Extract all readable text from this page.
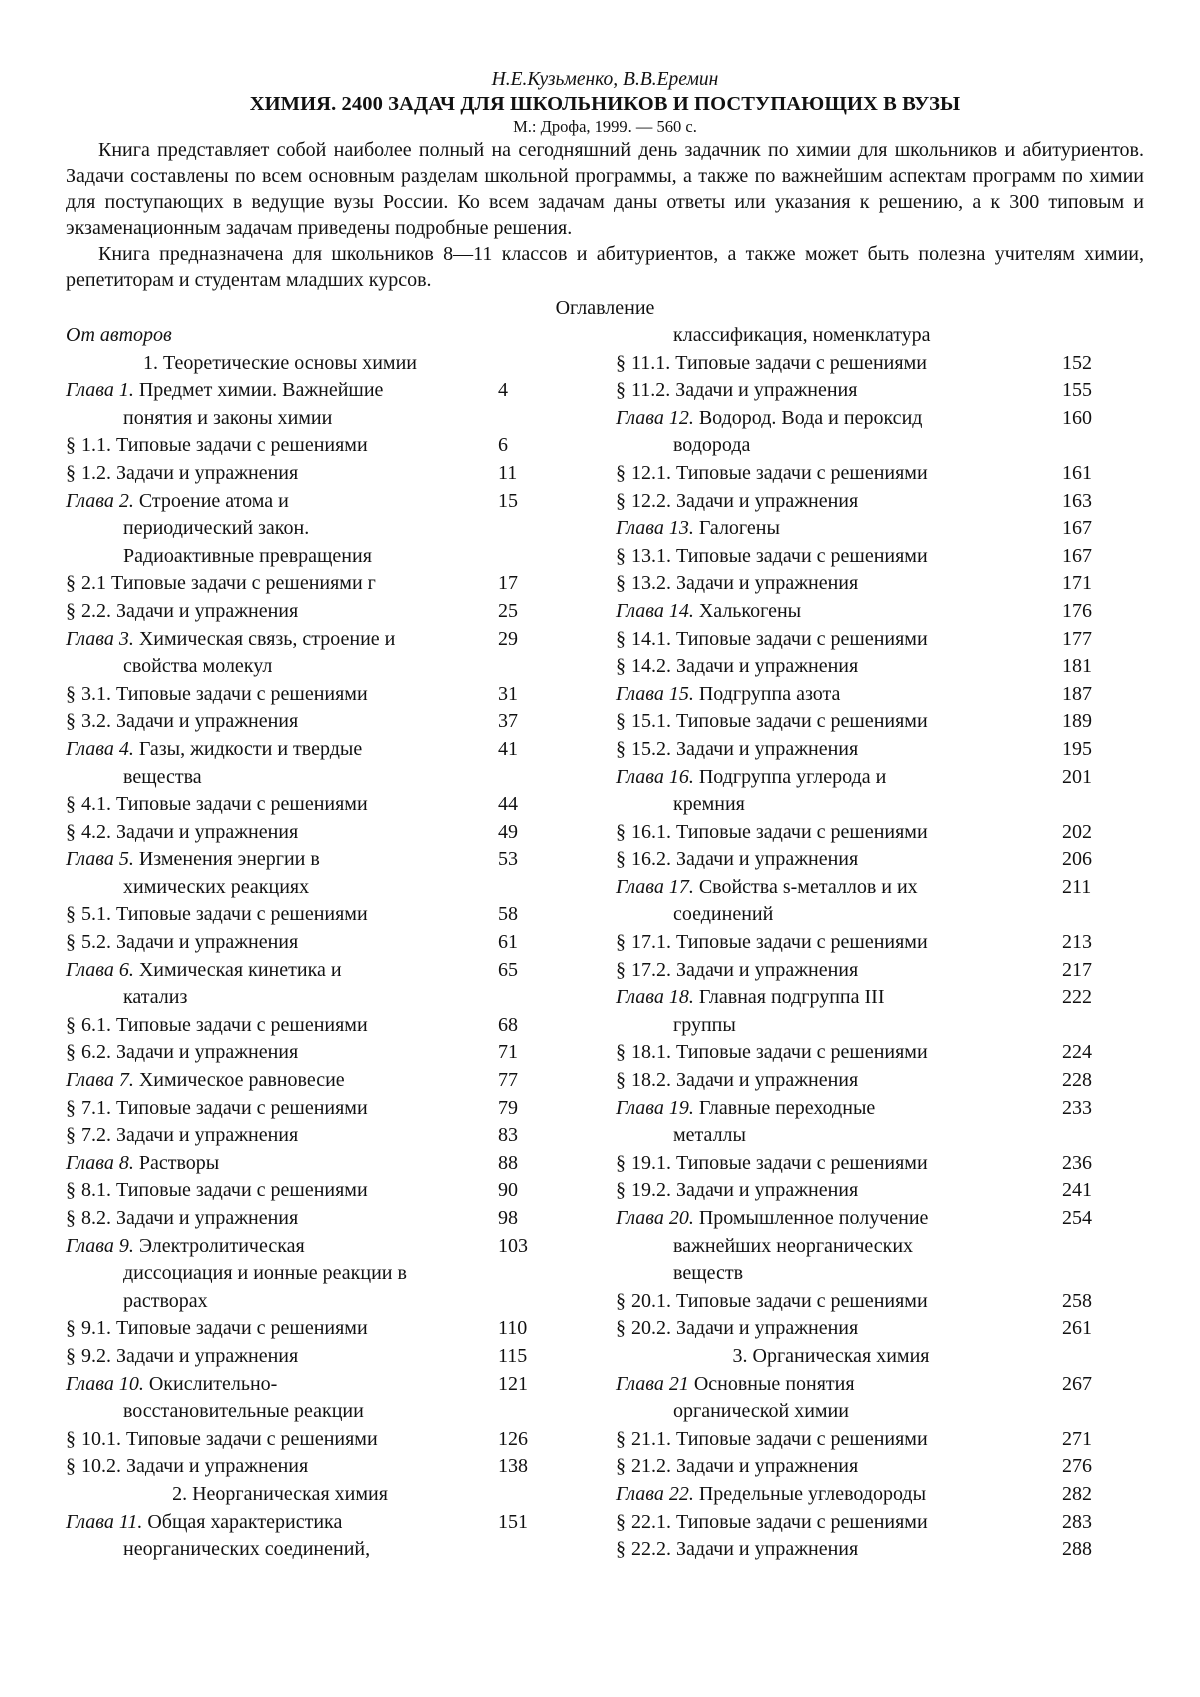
Н.Е.Кузьменко, В.В.Еремин
ХИМИЯ. 2400 ЗАДАЧ ДЛЯ ШКОЛЬНИКОВ И ПОСТУПАЮЩИХ В ВУЗЫ
М.: Дрофа, 1999. — 560 с.

Книга представляет собой наиболее полный на сегодняшний день задачник по химии для школьников и абитуриентов. Задачи составлены по всем основным разделам школьной программы, а также по важнейшим аспектам программ по химии для поступающих в ведущие вузы России. Ко всем задачам даны ответы или указания к решению, а к 300 типовым и экзаменационным задачам приведены подробные решения.

Книга предназначена для школьников 8—11 классов и абитуриентов, а также может быть полезна учителям химии, репетиторам и студентам младших курсов.

Оглавление
От авторов
1. Теоретические основы химии
Глава 1. Предмет химии. Важнейшие	4
понятия и законы химии
§ 1.1. Типовые задачи с решениями	6
§ 1.2. Задачи и упражнения	11
Глава 2. Строение атома и	15
периодический закон.
Радиоактивные превращения
§ 2.1 Типовые задачи с решениями г	17
§ 2.2. Задачи и упражнения	25
Глава 3. Химическая связь, строение и	29
свойства молекул
§ 3.1. Типовые задачи с решениями	31
§ 3.2. Задачи и упражнения	37
Глава 4. Газы, жидкости и твердые	41
вещества
§ 4.1. Типовые задачи с решениями	44
§ 4.2. Задачи и упражнения	49
Глава 5. Изменения энергии в	53
химических реакциях
§ 5.1. Типовые задачи с решениями	58
§ 5.2. Задачи и упражнения	61
Глава 6. Химическая кинетика и	65
катализ
§ 6.1. Типовые задачи с решениями	68
§ 6.2. Задачи и упражнения	71
Глава 7. Химическое равновесие	77
§ 7.1. Типовые задачи с решениями	79
§ 7.2. Задачи и упражнения	83
Глава 8. Растворы	88
§ 8.1. Типовые задачи с решениями	90
§ 8.2. Задачи и упражнения	98
Глава 9. Электролитическая	103
диссоциация и ионные реакции в
растворах
§ 9.1. Типовые задачи с решениями	110
§ 9.2. Задачи и упражнения	115
Глава 10. Окислительно-	121
восстановительные реакции
§ 10.1. Типовые задачи с решениями	126
§ 10.2. Задачи и упражнения	138
2. Неорганическая химия
Глава 11. Общая характеристика	151
неорганических соединений,
классификация, номенклатура
§ 11.1. Типовые задачи с решениями	152
§ 11.2. Задачи и упражнения	155
Глава 12. Водород. Вода и пероксид	160
водорода
§ 12.1. Типовые задачи с решениями	161
§ 12.2. Задачи и упражнения	163
Глава 13. Галогены	167
§ 13.1. Типовые задачи с решениями	167
§ 13.2. Задачи и упражнения	171
Глава 14. Халькогены	176
§ 14.1. Типовые задачи с решениями	177
§ 14.2. Задачи и упражнения	181
Глава 15. Подгруппа азота	187
§ 15.1. Типовые задачи с решениями	189
§ 15.2. Задачи и упражнения	195
Глава 16. Подгруппа углерода и	201
кремния
§ 16.1. Типовые задачи с решениями	202
§ 16.2. Задачи и упражнения	206
Глава 17. Свойства s-металлов и их	211
соединений
§ 17.1. Типовые задачи с решениями	213
§ 17.2. Задачи и упражнения	217
Глава 18. Главная подгруппа III	222
группы
§ 18.1. Типовые задачи с решениями	224
§ 18.2. Задачи и упражнения	228
Глава 19. Главные переходные	233
металлы
§ 19.1. Типовые задачи с решениями	236
§ 19.2. Задачи и упражнения	241
Глава 20. Промышленное получение	254
важнейших неорганических
веществ
§ 20.1. Типовые задачи с решениями	258
§ 20.2. Задачи и упражнения	261
3. Органическая химия
Глава 21 Основные понятия	267
органической химии
§ 21.1. Типовые задачи с решениями	271
§ 21.2. Задачи и упражнения	276
Глава 22. Предельные углеводороды	282
§ 22.1. Типовые задачи с решениями	283
§ 22.2. Задачи и упражнения	288
